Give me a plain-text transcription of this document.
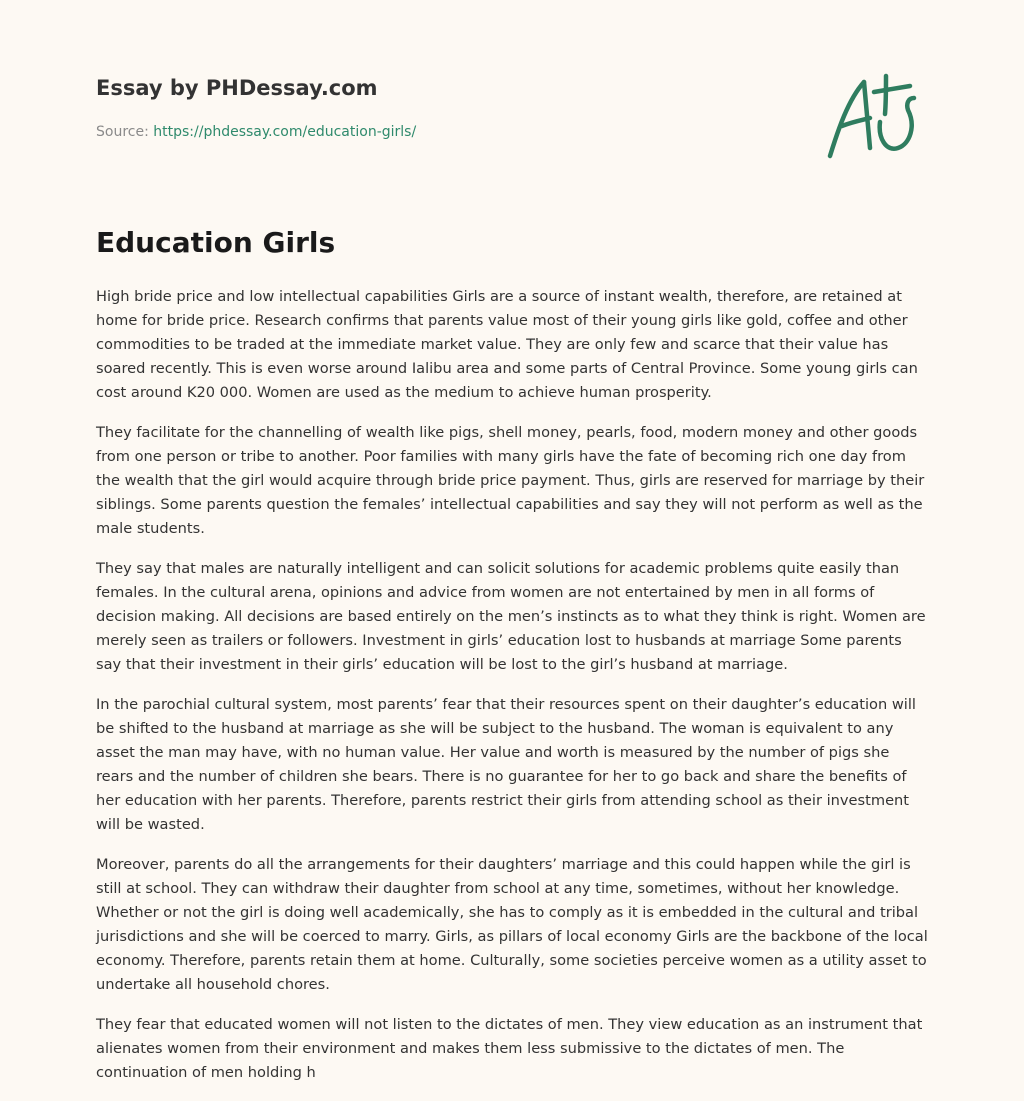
Essay by PHDessay.com
Source: https://phdessay.com/education-girls/
Education Girls

High bride price and low intellectual capabilities Girls are a source of instant wealth, therefore, are retained at home for bride price. Research confirms that parents value most of their young girls like gold, coffee and other commodities to be traded at the immediate market value. They are only few and scarce that their value has soared recently. This is even worse around Ialibu area and some parts of Central Province. Some young girls can cost around K20 000. Women are used as the medium to achieve human prosperity.

They facilitate for the channelling of wealth like pigs, shell money, pearls, food, modern money and other goods from one person or tribe to another. Poor families with many girls have the fate of becoming rich one day from the wealth that the girl would acquire through bride price payment. Thus, girls are reserved for marriage by their siblings. Some parents question the females’ intellectual capabilities and say they will not perform as well as the male students.

They say that males are naturally intelligent and can solicit solutions for academic problems quite easily than females. In the cultural arena, opinions and advice from women are not entertained by men in all forms of decision making. All decisions are based entirely on the men’s instincts as to what they think is right. Women are merely seen as trailers or followers. Investment in girls’ education lost to husbands at marriage Some parents say that their investment in their girls’ education will be lost to the girl’s husband at marriage.

In the parochial cultural system, most parents’ fear that their resources spent on their daughter’s education will be shifted to the husband at marriage as she will be subject to the husband. The woman is equivalent to any asset the man may have, with no human value. Her value and worth is measured by the number of pigs she rears and the number of children she bears. There is no guarantee for her to go back and share the benefits of her education with her parents. Therefore, parents restrict their girls from attending school as their investment will be wasted.

Moreover, parents do all the arrangements for their daughters’ marriage and this could happen while the girl is still at school. They can withdraw their daughter from school at any time, sometimes, without her knowledge. Whether or not the girl is doing well academically, she has to comply as it is embedded in the cultural and tribal jurisdictions and she will be coerced to marry. Girls, as pillars of local economy Girls are the backbone of the local economy. Therefore, parents retain them at home. Culturally, some societies perceive women as a utility asset to undertake all household chores.

They fear that educated women will not listen to the dictates of men. They view education as an instrument that alienates women from their environment and makes them less submissive to the dictates of men. The continuation of men holding h
